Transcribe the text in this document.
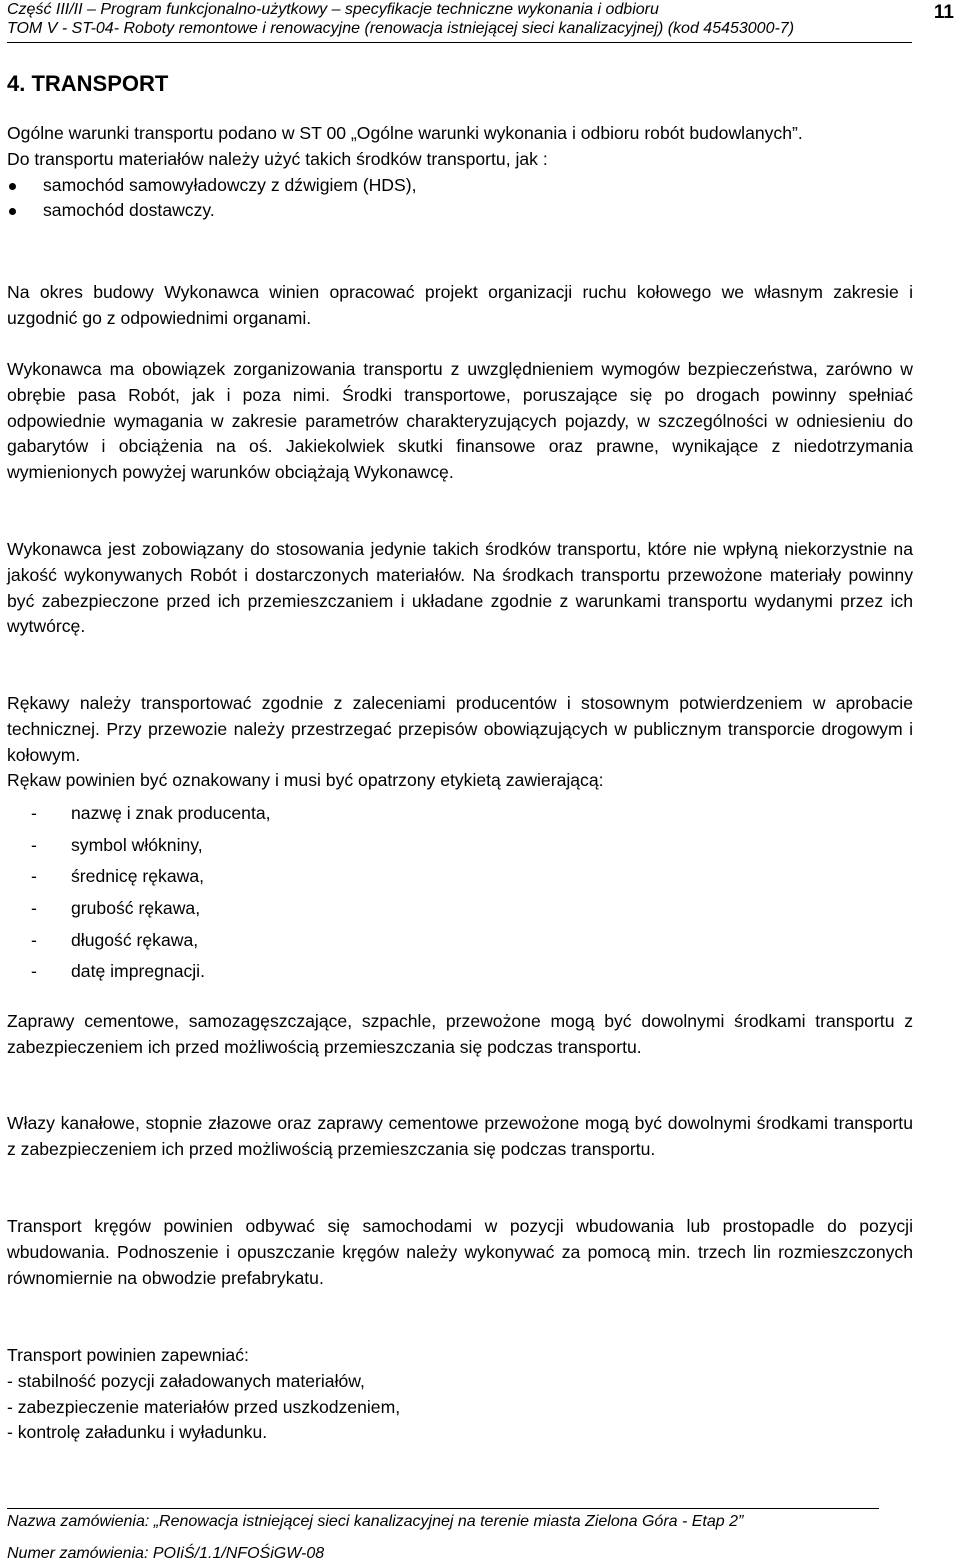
Część III/II – Program funkcjonalno-użytkowy – specyfikacje techniczne wykonania i odbioru
TOM V - ST-04- Roboty remontowe i renowacyjne (renowacja istniejącej sieci kanalizacyjnej) (kod 45453000-7)
11
4. TRANSPORT

Ogólne warunki transportu podano w ST 00 „Ogólne warunki wykonania i odbioru robót budowlanych”.

Do transportu materiałów należy użyć takich środków transportu, jak :

samochód samowyładowczy z dźwigiem (HDS),
samochód dostawczy.
Na okres budowy Wykonawca winien opracować projekt organizacji ruchu kołowego we własnym zakresie i uzgodnić go z odpowiednimi organami.
Wykonawca ma obowiązek zorganizowania transportu z uwzględnieniem wymogów bezpieczeństwa, zarówno w obrębie pasa Robót, jak i poza nimi. Środki transportowe, poruszające się po drogach powinny spełniać odpowiednie wymagania w zakresie parametrów charakteryzujących pojazdy, w szczególności w odniesieniu do gabarytów i obciążenia na oś. Jakiekolwiek skutki finansowe oraz prawne, wynikające z niedotrzymania wymienionych powyżej warunków obciążają Wykonawcę.
Wykonawca jest zobowiązany do stosowania jedynie takich środków transportu, które nie wpłyną niekorzystnie na jakość wykonywanych Robót i dostarczonych materiałów. Na środkach transportu przewożone materiały powinny być zabezpieczone przed ich przemieszczaniem i układane zgodnie z warunkami transportu wydanymi przez ich wytwórcę.

Rękawy należy transportować zgodnie z zaleceniami producentów i stosownym potwierdzeniem w aprobacie technicznej. Przy przewozie należy przestrzegać przepisów obowiązujących w publicznym transporcie drogowym i kołowym.

Rękaw powinien być oznakowany i musi być opatrzony etykietą zawierającą:

- nazwę i znak producenta,
- symbol włókniny,
- średnicę rękawa,
- grubość rękawa,
- długość rękawa,
- datę impregnacji.
Zaprawy cementowe, samozagęszczające, szpachle, przewożone mogą być dowolnymi środkami transportu z zabezpieczeniem ich przed możliwością przemieszczania się podczas transportu.
Włazy kanałowe, stopnie złazowe oraz zaprawy cementowe przewożone mogą być dowolnymi środkami transportu z zabezpieczeniem ich przed możliwością przemieszczania się podczas transportu.
Transport kręgów powinien odbywać się samochodami w pozycji wbudowania lub prostopadle do pozycji wbudowania. Podnoszenie i opuszczanie kręgów należy wykonywać za pomocą min. trzech lin rozmieszczonych równomiernie na obwodzie prefabrykatu.

Transport powinien zapewniać:

- stabilność pozycji załadowanych materiałów,

- zabezpieczenie materiałów przed uszkodzeniem,

- kontrolę załadunku i wyładunku.

Nazwa zamówienia: „Renowacja istniejącej sieci kanalizacyjnej na terenie miasta Zielona Góra - Etap 2”
Numer zamówienia: POIiŚ/1.1/NFOŚiGW-08
